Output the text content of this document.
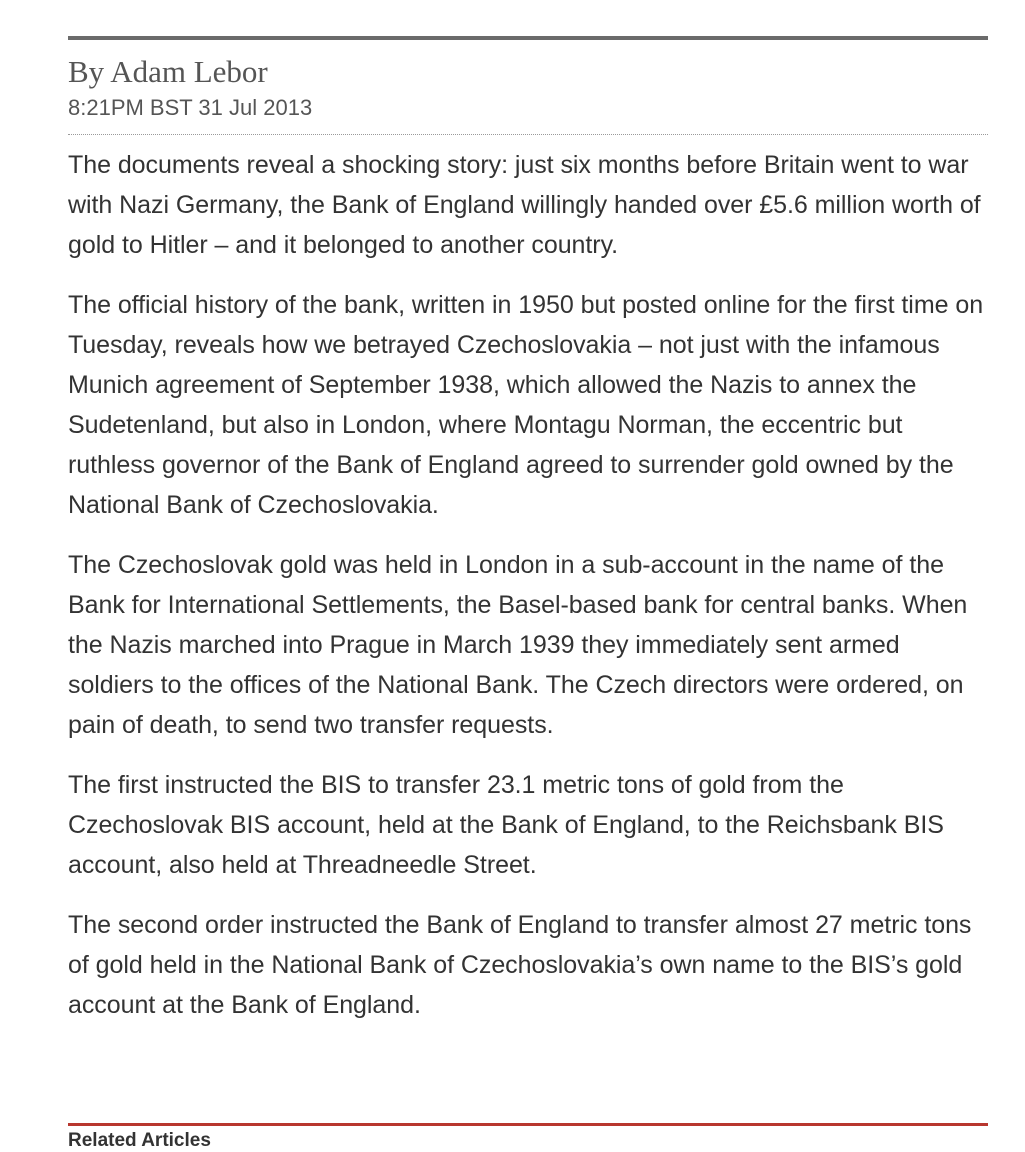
By Adam Lebor
8:21PM BST 31 Jul 2013

The documents reveal a shocking story: just six months before Britain went to war with Nazi Germany, the Bank of England willingly handed over £5.6 million worth of gold to Hitler – and it belonged to another country.

The official history of the bank, written in 1950 but posted online for the first time on Tuesday, reveals how we betrayed Czechoslovakia – not just with the infamous Munich agreement of September 1938, which allowed the Nazis to annex the Sudetenland, but also in London, where Montagu Norman, the eccentric but ruthless governor of the Bank of England agreed to surrender gold owned by the National Bank of Czechoslovakia.

The Czechoslovak gold was held in London in a sub-account in the name of the Bank for International Settlements, the Basel-based bank for central banks. When the Nazis marched into Prague in March 1939 they immediately sent armed soldiers to the offices of the National Bank. The Czech directors were ordered, on pain of death, to send two transfer requests.

The first instructed the BIS to transfer 23.1 metric tons of gold from the Czechoslovak BIS account, held at the Bank of England, to the Reichsbank BIS account, also held at Threadneedle Street.

The second order instructed the Bank of England to transfer almost 27 metric tons of gold held in the National Bank of Czechoslovakia’s own name to the BIS’s gold account at the Bank of England.

Related Articles
